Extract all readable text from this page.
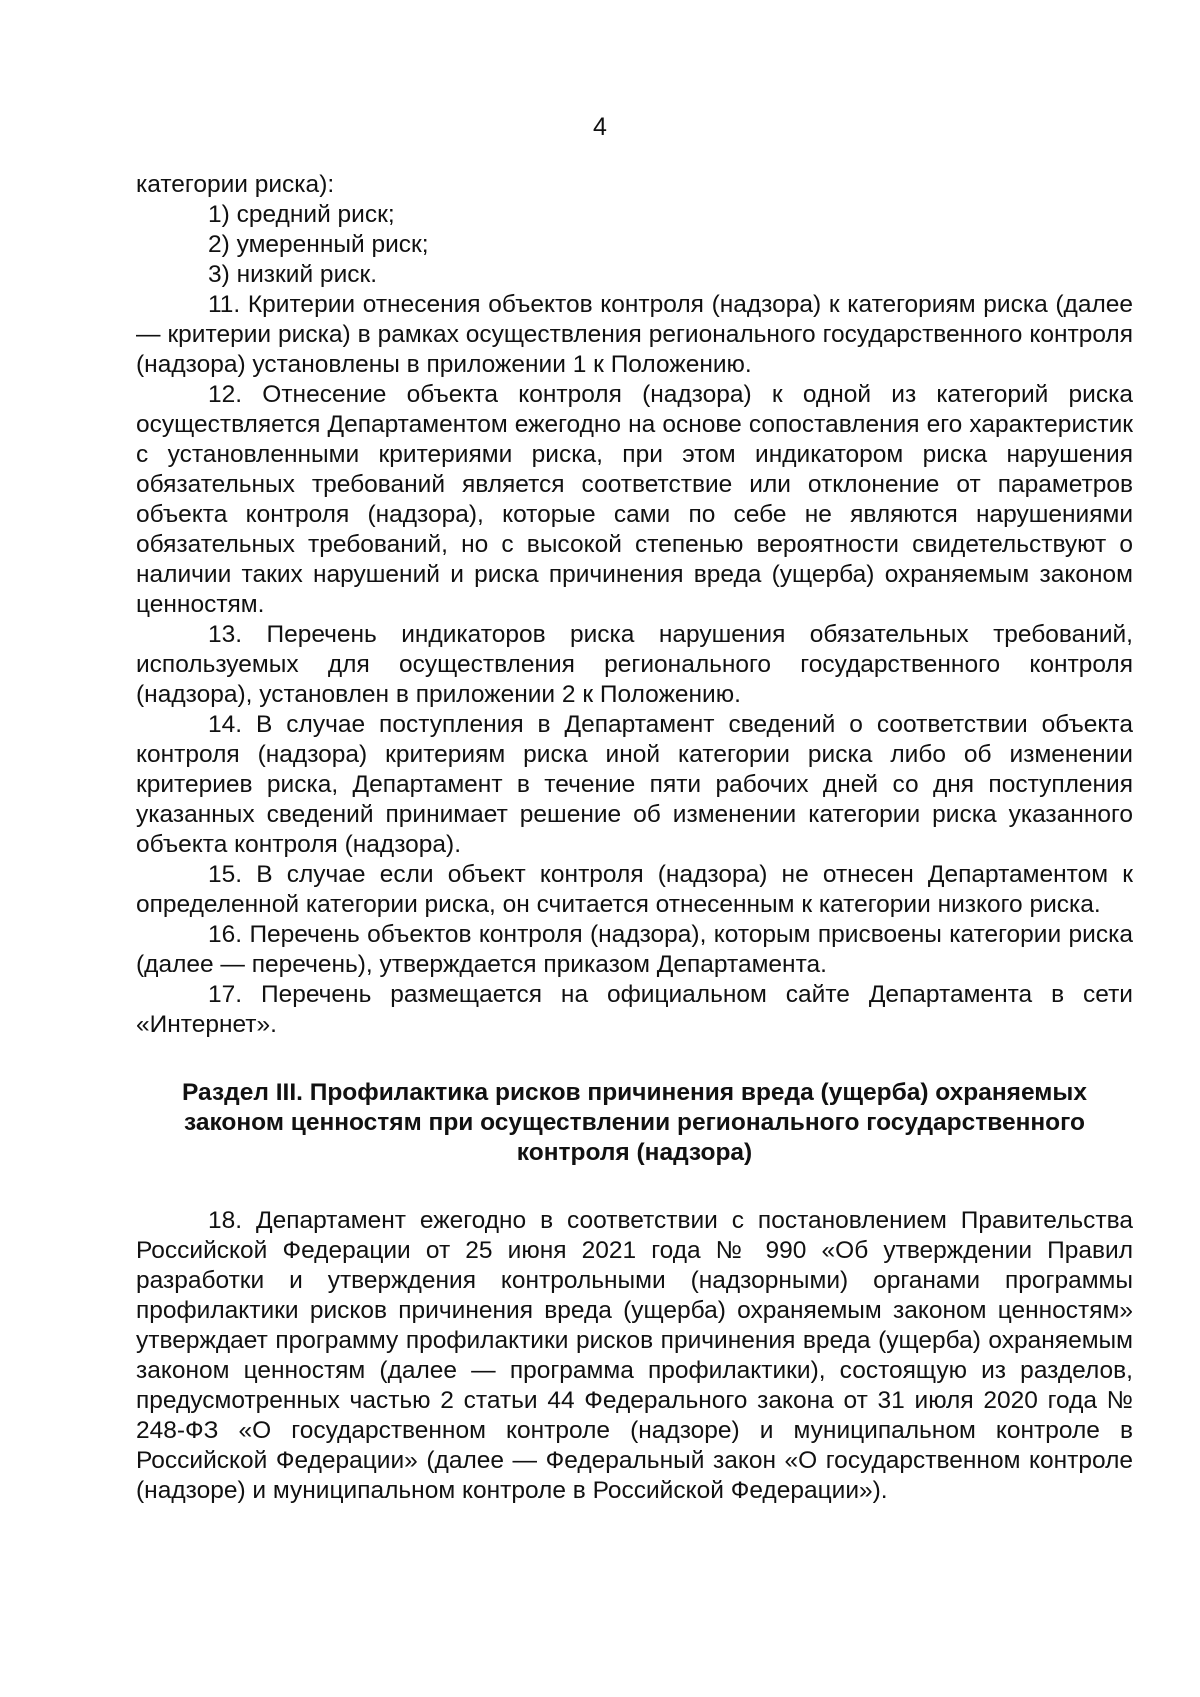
4
категории риска):
1) средний риск;
2) умеренный риск;
3) низкий риск.
11. Критерии отнесения объектов контроля (надзора) к категориям риска (далее — критерии риска) в рамках осуществления регионального государственного контроля (надзора) установлены в приложении 1 к Положению.
12. Отнесение объекта контроля (надзора) к одной из категорий риска осуществляется Департаментом ежегодно на основе сопоставления его характеристик с установленными критериями риска, при этом индикатором риска нарушения обязательных требований является соответствие или отклонение от параметров объекта контроля (надзора), которые сами по себе не являются нарушениями обязательных требований, но с высокой степенью вероятности свидетельствуют о наличии таких нарушений и риска причинения вреда (ущерба) охраняемым законом ценностям.
13. Перечень индикаторов риска нарушения обязательных требований, используемых для осуществления регионального государственного контроля (надзора), установлен в приложении 2 к Положению.
14. В случае поступления в Департамент сведений о соответствии объекта контроля (надзора) критериям риска иной категории риска либо об изменении критериев риска, Департамент в течение пяти рабочих дней со дня поступления указанных сведений принимает решение об изменении категории риска указанного объекта контроля (надзора).
15. В случае если объект контроля (надзора) не отнесен Департаментом к определенной категории риска, он считается отнесенным к категории низкого риска.
16. Перечень объектов контроля (надзора), которым присвоены категории риска (далее — перечень), утверждается приказом Департамента.
17. Перечень размещается на официальном сайте Департамента в сети «Интернет».
Раздел III. Профилактика рисков причинения вреда (ущерба) охраняемых законом ценностям при осуществлении регионального государственного контроля (надзора)
18. Департамент ежегодно в соответствии с постановлением Правительства Российской Федерации от 25 июня 2021 года № 990 «Об утверждении Правил разработки и утверждения контрольными (надзорными) органами программы профилактики рисков причинения вреда (ущерба) охраняемым законом ценностям» утверждает программу профилактики рисков причинения вреда (ущерба) охраняемым законом ценностям (далее — программа профилактики), состоящую из разделов, предусмотренных частью 2 статьи 44 Федерального закона от 31 июля 2020 года № 248-ФЗ «О государственном контроле (надзоре) и муниципальном контроле в Российской Федерации» (далее — Федеральный закон «О государственном контроле (надзоре) и муниципальном контроле в Российской Федерации»).
